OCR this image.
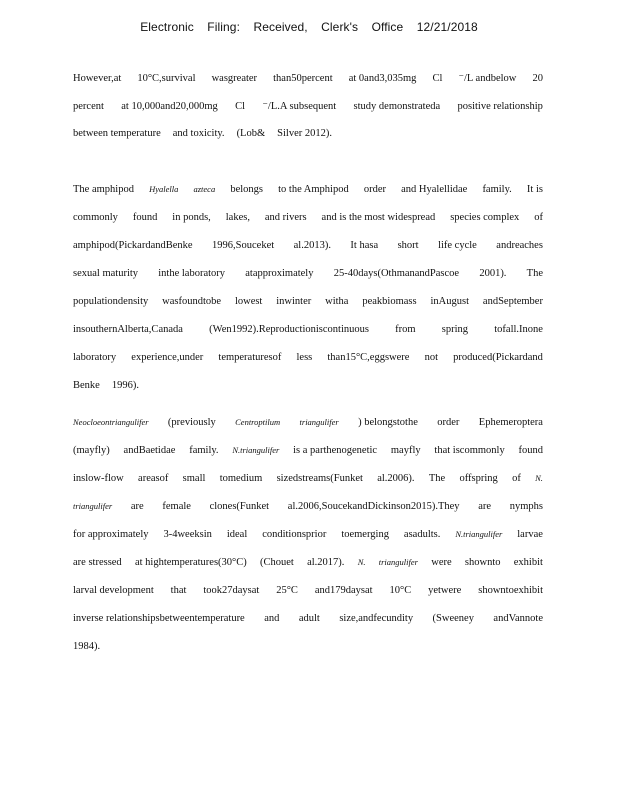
Electronic Filing: Received, Clerk's Office 12/21/2018
However,at 10°C,survival wasgreater than50percent at 0and3,035mg Cl ⁻/L andbelow 20
percent at 10,000and20,000mg Cl ⁻/L.A subsequent study demonstrateda positive relationship
between temperature and toxicity. (Lob& Silver 2012).
The amphipod Hyalella azteca belongs to the Amphipod order and Hyalellidae family. It is
commonly found in ponds, lakes, and rivers and is the most widespread species complex of
amphipod(PickardandBenke 1996,Souceket al.2013). It hasa short life cycle andreaches
sexual maturity inthe laboratory atapproximately 25-40days(OthmanandPascoe 2001). The
populationdensity wasfoundtobe lowest inwinter witha peakbiomass inAugust andSeptember
insouthernAlberta,Canada (Wen1992).Reproductioniscontinuous from spring tofall.Inone
laboratory experience,under temperaturesof less than15°C,eggswere not produced(Pickardand
Benke 1996).
Neocloeontriangulifer (previously Centroptilum triangulifer ) belongstothe order Ephemeroptera
(mayfly) andBaetidae family. N.triangulifer is a parthenogenetic mayfly that iscommonly found
inslow-flow areasof small tomedium sizedstreams(Funket al.2006). The offspring of N.
triangulifer are female clones(Funket al.2006,SoucekandDickinson2015).They are nymphs
for approximately 3-4weeksin ideal conditionsprior toemerging asadults. N.triangulifer larvae
are stressed at hightemperatures(30°C) (Chouet al.2017). N. triangulifer were shownto exhibit
larval development that took27daysat 25°C and179daysat 10°C yetwere showntoexhibit
inverse relationshipsbetweentemperature and adult size,andfecundity (Sweeney andVannote
1984).
